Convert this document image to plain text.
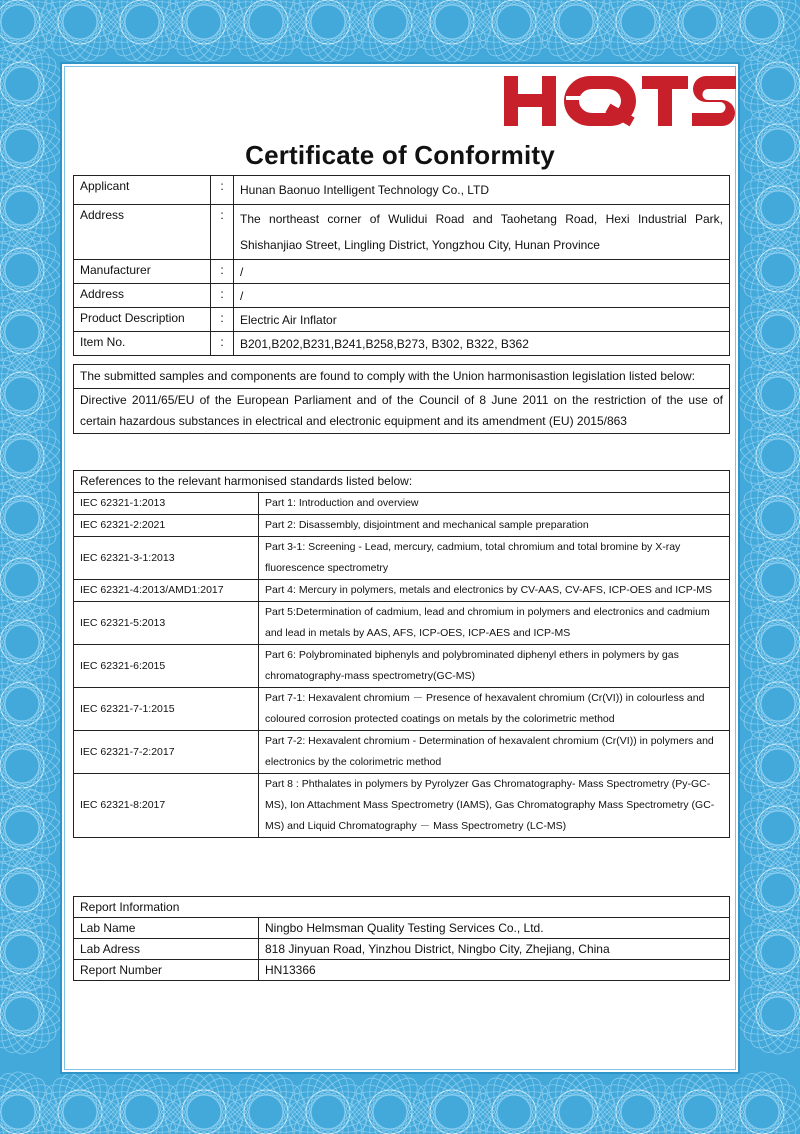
Certificate of Conformity
Applicant	:	Hunan Baonuo Intelligent Technology Co., LTD
Address	:	The northeast corner of Wulidui Road and Taohetang Road, Hexi Industrial Park, Shishanjiao Street, Lingling District, Yongzhou City, Hunan Province
Manufacturer	:	/
Address	:	/
Product Description	:	Electric Air Inflator
Item No.	:	B201,B202,B231,B241,B258,B273, B302, B322, B362
The submitted samples and components are found to comply with the Union harmonisastion legislation listed below:
Directive 2011/65/EU of the European Parliament and of the Council of 8 June 2011 on the restriction of the use of certain hazardous substances in electrical and electronic equipment and its amendment (EU) 2015/863
References to the relevant harmonised standards listed below:	
IEC 62321-1:2013	Part 1: Introduction and overview
IEC 62321-2:2021	Part 2: Disassembly, disjointment and mechanical sample preparation
IEC 62321-3-1:2013	Part 3-1: Screening - Lead, mercury, cadmium, total chromium and total bromine by X-ray fluorescence spectrometry
IEC 62321-4:2013/AMD1:2017	Part 4: Mercury in polymers, metals and electronics by CV-AAS, CV-AFS, ICP-OES and ICP-MS
IEC 62321-5:2013	Part 5:Determination of cadmium, lead and chromium in polymers and electronics and cadmium and lead in metals by AAS, AFS, ICP-OES, ICP-AES and ICP-MS
IEC 62321-6:2015	Part 6: Polybrominated biphenyls and polybrominated diphenyl ethers in polymers by gas chromatography-mass spectrometry(GC-MS)
IEC 62321-7-1:2015	Part 7-1: Hexavalent chromium － Presence of hexavalent chromium (Cr(VI)) in colourless and coloured corrosion protected coatings on metals by the colorimetric method
IEC 62321-7-2:2017	Part 7-2: Hexavalent chromium - Determination of hexavalent chromium (Cr(VI)) in polymers and electronics by the colorimetric method
IEC 62321-8:2017	Part 8 : Phthalates in polymers by Pyrolyzer Gas Chromatography- Mass Spectrometry (Py-GC-MS), Ion Attachment Mass Spectrometry (IAMS), Gas Chromatography Mass Spectrometry (GC-MS) and Liquid Chromatography － Mass Spectrometry (LC-MS)
Report Information	
Lab Name	Ningbo Helmsman Quality Testing Services Co., Ltd.
Lab Adress	818 Jinyuan Road, Yinzhou District, Ningbo City, Zhejiang, China
Report Number	HN13366
